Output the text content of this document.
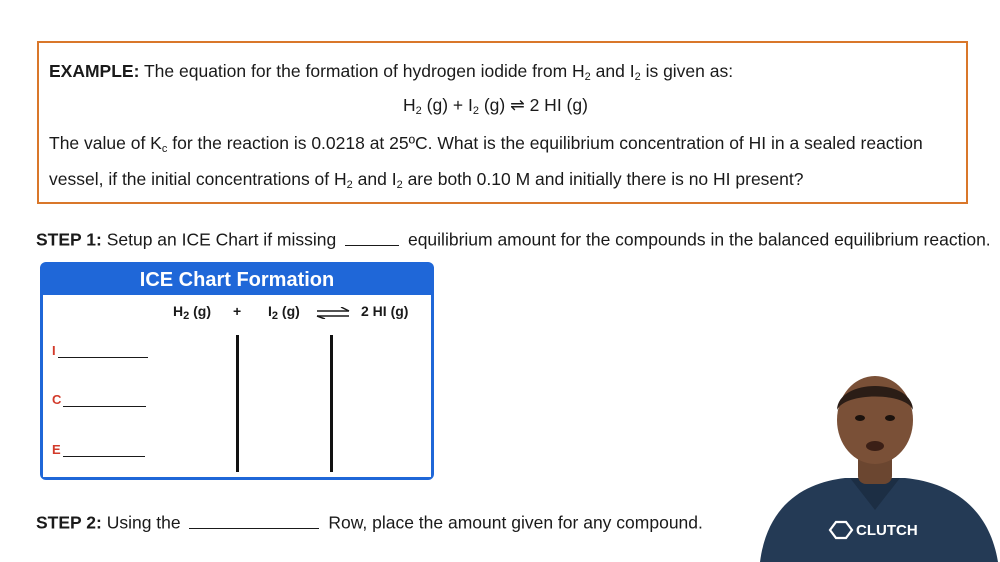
EXAMPLE: The equation for the formation of hydrogen iodide from $H_2$ and $I_2$ is given as:
$H_2$ $(g) + I_2$ (g) ⇌ 2 HI (g)
The value of $K_c$ for the reaction is 0.0218 at 25ºC. What is the equilibrium concentration of HI in a sealed reaction
vessel, if the initial concentrations of $H_2$ and $I_2$ are both 0.10 M and initially there is no HI present?
STEP 1: Setup an ICE Chart if missing	equilibrium amount for the compounds in the balanced equilibrium reaction.
ICE Chart Formation
$H_2$ $(g) + I_2$ (g) ⇌ 2 HI (g)
I
C
E
STEP 2: Using the	Row, place the amount given for any compound.	CLUTCH
